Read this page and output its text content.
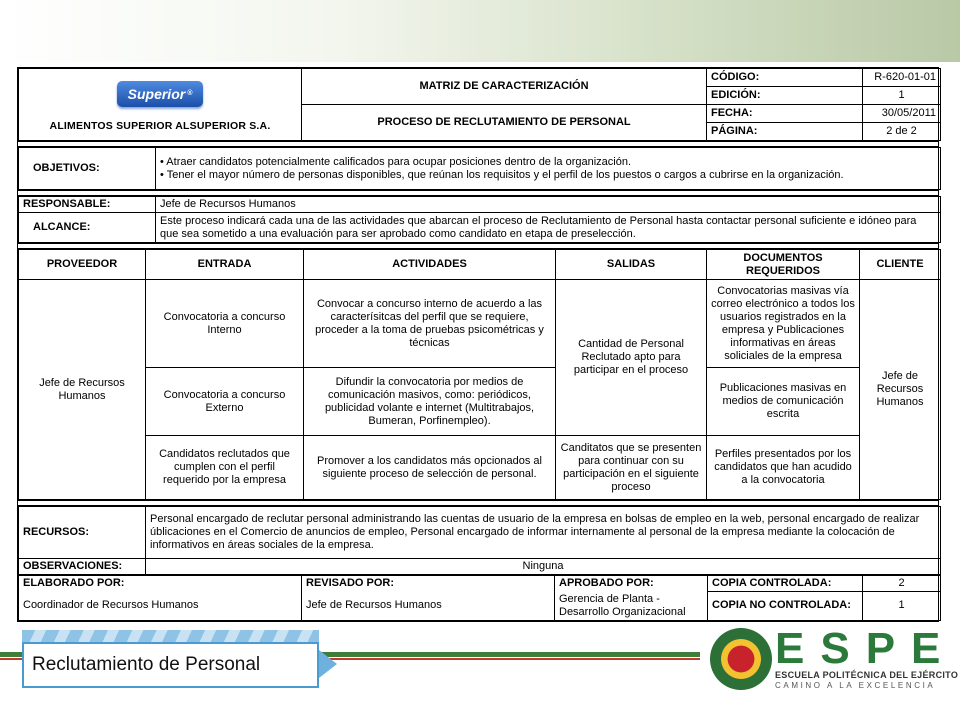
Superior ®
ALIMENTOS SUPERIOR ALSUPERIOR S.A.	MATRIZ DE CARACTERIZACIÓN	CÓDIGO:	R-620-01-01
		EDICIÓN:	1
	PROCESO DE RECLUTAMIENTO DE PERSONAL	FECHA:	30/05/2011
		PÁGINA:	2 de 2
OBJETIVOS:	
• Atraer candidatos potencialmente calificados para ocupar posiciones dentro de la organización.
• Tener el mayor número de personas disponibles, que reúnan los requisitos y el perfil de los puestos o cargos a cubrirse en la organización.
RESPONSABLE:	Jefe de Recursos Humanos
ALCANCE:	Este proceso indicará cada una de las actividades que abarcan el proceso de Reclutamiento de Personal hasta contactar personal suficiente e idóneo para que sea sometido a una evaluación para ser aprobado como candidato en etapa de preselección.
PROVEEDOR	ENTRADA	ACTIVIDADES	SALIDAS	DOCUMENTOS REQUERIDOS	CLIENTE
Jefe de Recursos Humanos	Convocatoria a concurso Interno	Convocar a concurso interno de acuerdo a las caracterísitcas del perfil que se requiere, proceder a la toma de pruebas psicométricas y técnicas	Cantidad de Personal Reclutado apto para participar en el proceso	Convocatorias masivas vía correo electrónico a todos los usuarios registrados en la empresa y Publicaciones informativas en áreas soliciales de la empresa	Jefe de Recursos Humanos
	Convocatoria a concurso Externo	Difundir la convocatoria por medios de comunicación masivos, como: periódicos, publicidad volante e internet (Multitrabajos, Bumeran, Porfinempleo).		Publicaciones masivas en medios de comunicación escrita	
	Candidatos reclutados que cumplen con el perfil requerido por la empresa	Promover a los candidatos más opcionados al siguiente proceso de selección de personal.	Canditatos que se presenten para continuar con su participación en el siguiente proceso	Perfiles presentados por los candidatos que han acudido a la convocatoria	
RECURSOS:	Personal encargado de reclutar personal administrando las cuentas de usuario de la empresa en bolsas de empleo en la web, personal encargado de realizar úblicaciones en el Comercio de anuncios de empleo, Personal encargado de informar internamente al personal de la empresa mediante la colocación de informativos en áreas sociales de la empresa.
OBSERVACIONES:	Ninguna
ELABORADO POR:	REVISADO POR:	APROBADO POR:	COPIA CONTROLADA:	2
Coordinador de Recursos Humanos	Jefe de Recursos Humanos	Gerencia de Planta - Desarrollo Organizacional	COPIA NO CONTROLADA:	1
Reclutamiento de Personal	ESPE
ESCUELA POLITÉCNICA DEL EJÉRCITO
CAMINO A LA EXCELENCIA
